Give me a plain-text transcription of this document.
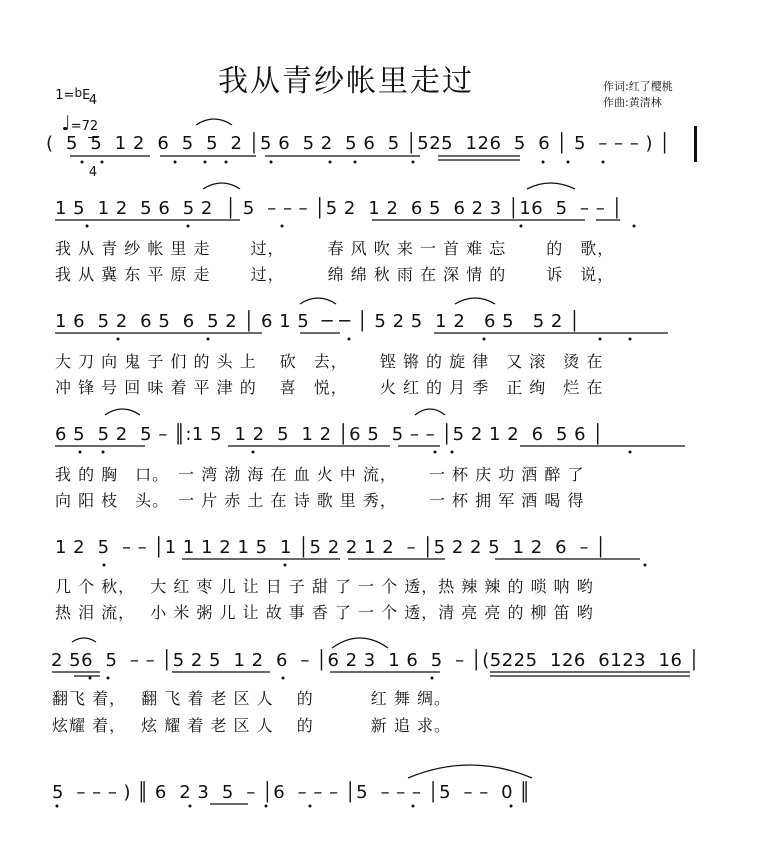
1=bE

4

4

♩=72

我从青纱帐里走过	作词:红了樱桃
作曲:黄清林
(  5  5  1 2  6  5  5  2 │5 6  5 2  5 6  5 │525  126  5  6 │ 5  – – – ) │
1 5  1 2  5 6  5 2  │ 5  – – – │5 2  1 2  6 5  6 2 3 │16  5  – – │
我 从 青 纱 帐 里 走　　 过，　　　春 风 吹 来 一 首 难 忘　　 的　歌，
我 从 冀 东 平 原 走　　 过，　　　绵 绵 秋 雨 在 深 情 的　　 诉　说，
1 6  5 2  6 5  6  5 2 │ 6 1 5  ─ ─ │ 5 2 5  1 2   6 5   5 2 │
大 刀 向 鬼 子 们 的 头 上　 砍　去，　　 铿 锵 的 旋 律　又 滚　烫 在
冲 锋 号 回 味 着 平 津 的　 喜　悦，　　 火 红 的 月 季　正 绚　烂 在
6 5  5 2  5 – ║:1 5  1 2  5  1 2 │6 5  5 – – │5 2 1 2  6  5 6 │
我 的 胸　口。　一 湾 渤 海 在 血 火 中 流，　　 一 杯 庆 功 酒 醉 了
向 阳 枝　头。　一 片 赤 土 在 诗 歌 里 秀，　　 一 杯 拥 军 酒 喝 得
1 2  5  – – │1 1 1 2 1 5  1 │5 2 2 1 2  – │5 2 2 5  1 2  6  – │
几 个 秋，　 大 红 枣 儿 让 日 子 甜 了 一 个 透，热 辣 辣 的 唢 呐 哟
热 泪 流，　 小 米 粥 儿 让 故 事 香 了 一 个 透，清 亮 亮 的 柳 笛 哟
2 56  5  – – │5 2 5  1 2  6  – │6 2 3  1 6  5  – │(5225  126  6123  16 │
翻飞 着，　 翻 飞 着 老 区 人　 的　　　 红 舞 绸。
炫耀 着，　 炫 耀 着 老 区 人　 的　　　 新 追 求。
5  – – – ) ║ 6  2 3  5  – │6  – – – │5  – – – │5  – –  0 ║
